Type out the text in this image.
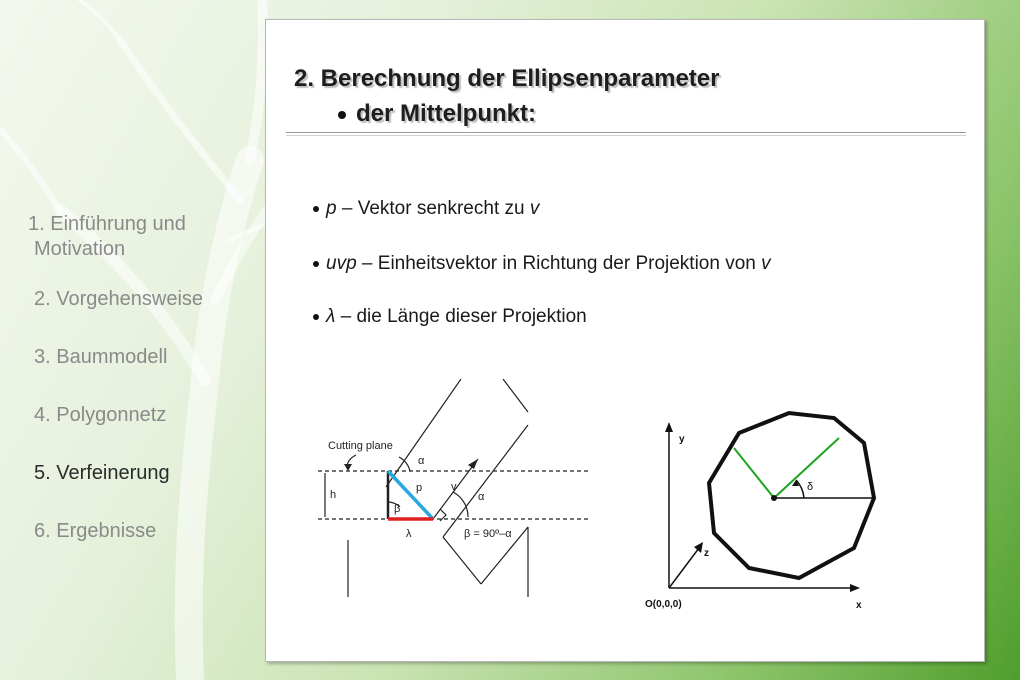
1. Einführung und
Motivation
2. Vorgehensweise
3. Baummodell
4. Polygonnetz
5. Verfeinerung
6. Ergebnisse
2. Berechnung der Ellipsenparameter
der Mittelpunkt:
p – Vektor senkrecht zu v
uvp – Einheitsvektor in Richtung der Projektion von v
λ – die Länge dieser Projektion
Cutting plane
α
h
p	v
α
β
λ	β = 90º–α
y
z
x
O(0,0,0)
δ
